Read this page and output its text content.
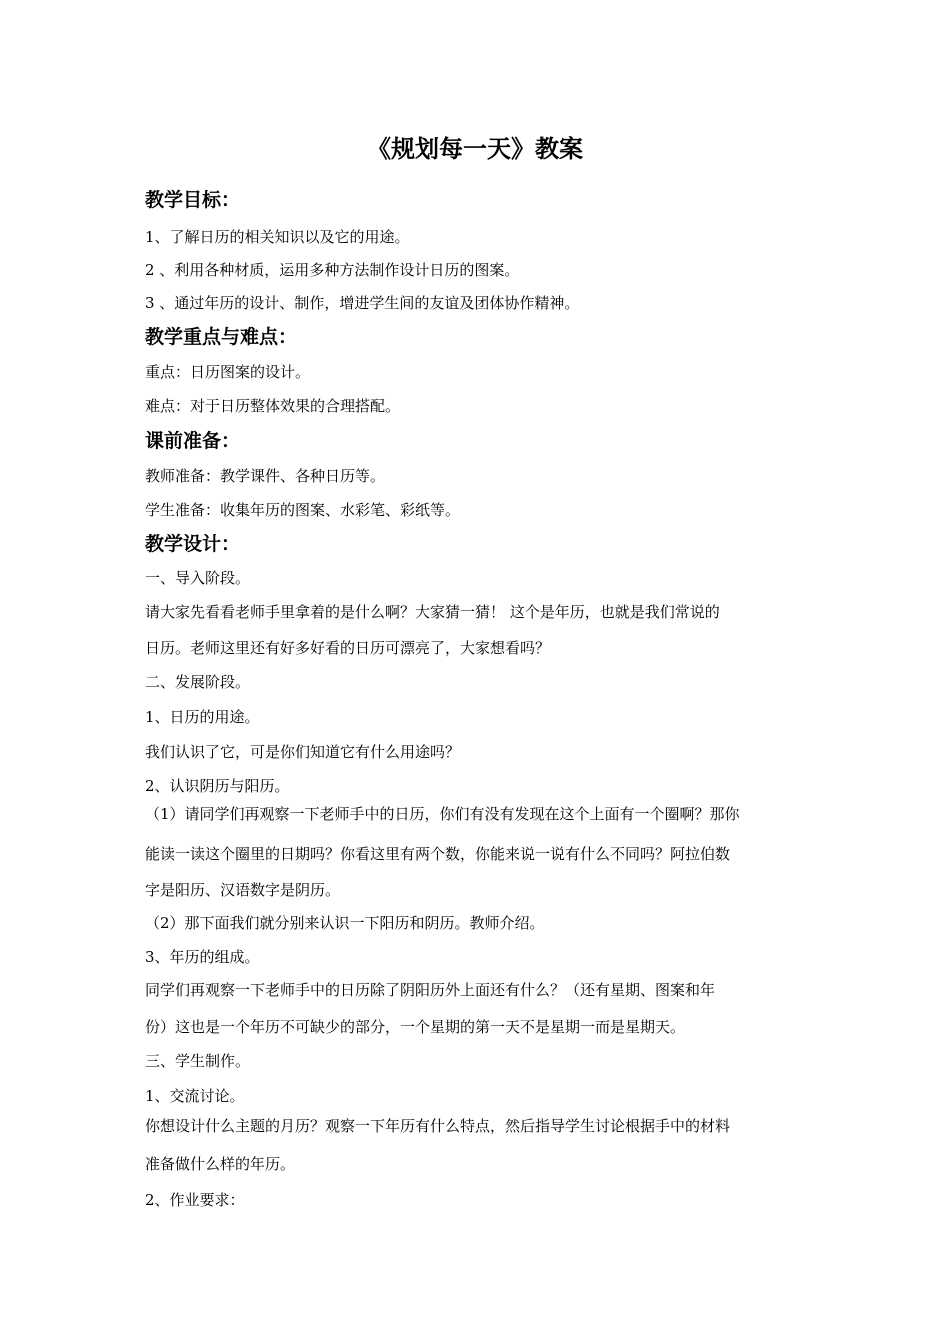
《规划每一天》教案
教学目标：
1、了解日历的相关知识以及它的用途。
2 、利用各种材质，运用多种方法制作设计日历的图案。
3 、通过年历的设计、制作，增进学生间的友谊及团体协作精神。
教学重点与难点：
重点：日历图案的设计。
难点：对于日历整体效果的合理搭配。
课前准备：
教师准备：教学课件、各种日历等。
学生准备：收集年历的图案、水彩笔、彩纸等。
教学设计：
一、导入阶段。
请大家先看看老师手里拿着的是什么啊？大家猜一猜！ 这个是年历，也就是我们常说的
日历。老师这里还有好多好看的日历可漂亮了，大家想看吗？
二、发展阶段。
1、日历的用途。
我们认识了它，可是你们知道它有什么用途吗？
2、认识阴历与阳历。
（1）请同学们再观察一下老师手中的日历，你们有没有发现在这个上面有一个圈啊？那你
能读一读这个圈里的日期吗？你看这里有两个数，你能来说一说有什么不同吗？阿拉伯数
字是阳历、汉语数字是阴历。
（2）那下面我们就分别来认识一下阳历和阴历。教师介绍。
3、年历的组成。
同学们再观察一下老师手中的日历除了阴阳历外上面还有什么？（还有星期、图案和年
份）这也是一个年历不可缺少的部分，一个星期的第一天不是星期一而是星期天。
三、学生制作。
1、交流讨论。
你想设计什么主题的月历？观察一下年历有什么特点，然后指导学生讨论根据手中的材料
准备做什么样的年历。
2、作业要求：
